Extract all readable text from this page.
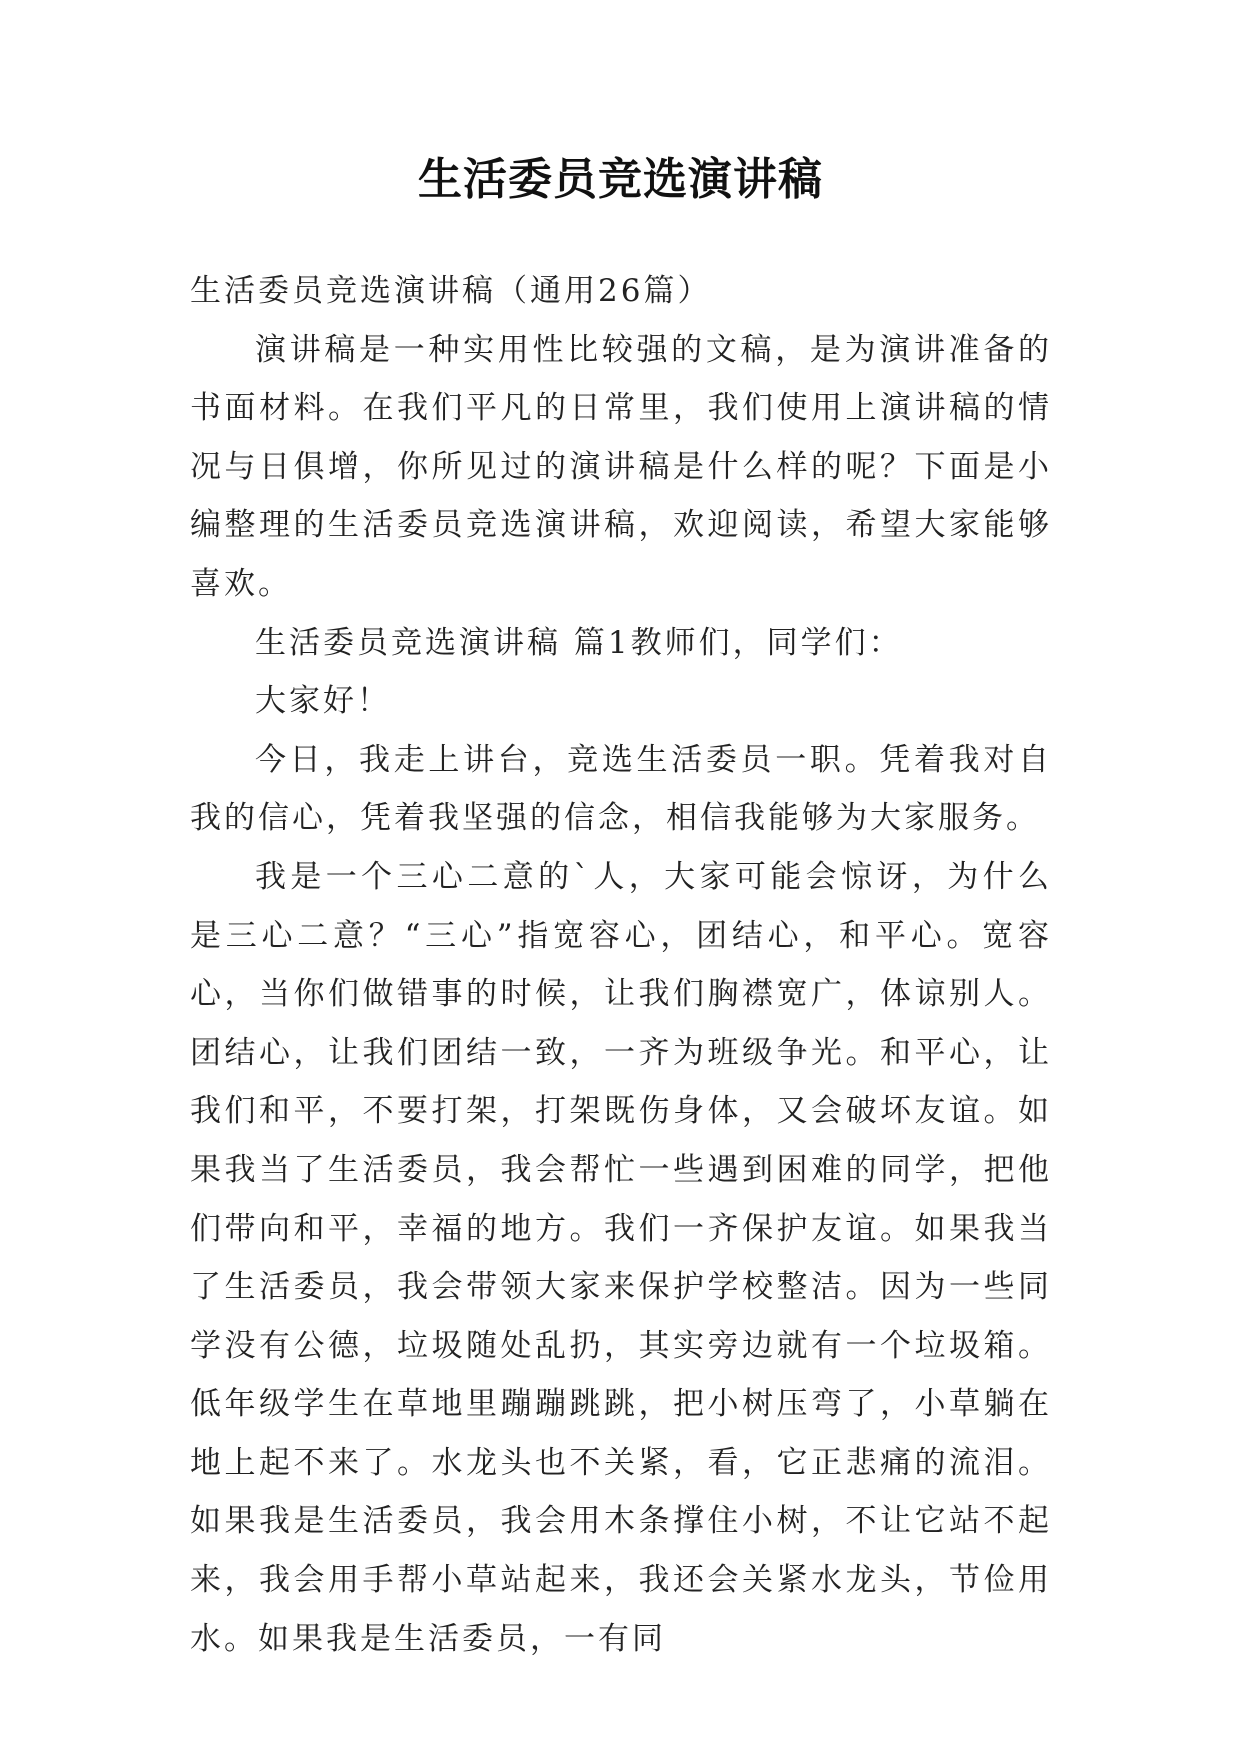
生活委员竞选演讲稿

生活委员竞选演讲稿（通用26篇）

演讲稿是一种实用性比较强的文稿，是为演讲准备的书面材料。在我们平凡的日常里，我们使用上演讲稿的情况与日俱增，你所见过的演讲稿是什么样的呢？下面是小编整理的生活委员竞选演讲稿，欢迎阅读，希望大家能够喜欢。

生活委员竞选演讲稿 篇1教师们，同学们：

大家好！

今日，我走上讲台，竞选生活委员一职。凭着我对自我的信心，凭着我坚强的信念，相信我能够为大家服务。

我是一个三心二意的`人，大家可能会惊讶，为什么是三心二意？“三心”指宽容心，团结心，和平心。宽容心，当你们做错事的时候，让我们胸襟宽广，体谅别人。团结心，让我们团结一致，一齐为班级争光。和平心，让我们和平，不要打架，打架既伤身体，又会破坏友谊。如果我当了生活委员，我会帮忙一些遇到困难的同学，把他们带向和平，幸福的地方。我们一齐保护友谊。如果我当了生活委员，我会带领大家来保护学校整洁。因为一些同学没有公德，垃圾随处乱扔，其实旁边就有一个垃圾箱。低年级学生在草地里蹦蹦跳跳，把小树压弯了，小草躺在地上起不来了。水龙头也不关紧，看，它正悲痛的流泪。如果我是生活委员，我会用木条撑住小树，不让它站不起来，我会用手帮小草站起来，我还会关紧水龙头，节俭用水。如果我是生活委员，一有同
